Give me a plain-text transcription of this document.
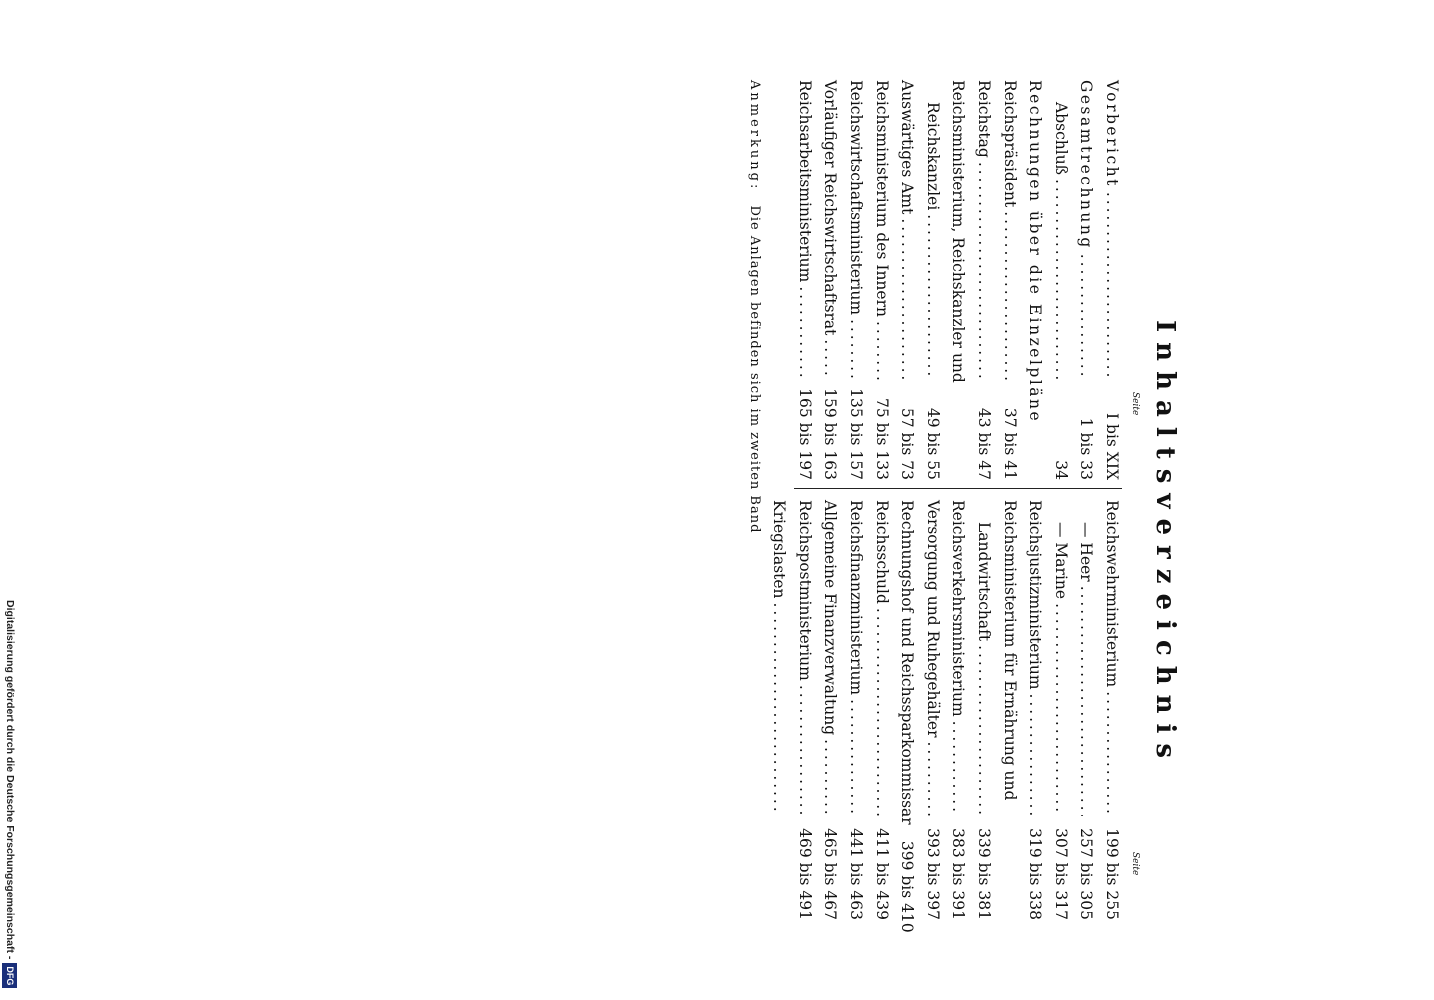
Inhaltsverzeichnis
Seite
Seite
Vorbericht
. . .
I bis XIX
Gesamtrechnung
. . .
1 bis 33
Abschluß
. . .
34
Rechnungen über die Einzelpläne
Reichspräsident
. . .
37 bis 41
Reichstag
. . .
43 bis 47
Reichsministerium, Reichskanzler und
Reichskanzlei
. . .
49 bis 55
Auswärtiges Amt
. . .
57 bis 73
Reichsministerium des Innern
. . .
75 bis 133
Reichswirtschaftsministerium
. . .
135 bis 157
Vorläufiger Reichswirtschaftsrat
. . .
159 bis 163
Reichsarbeitsministerium
. . .
165 bis 197
Reichswehrministerium
. . .
199 bis 255
— Heer
. . .
257 bis 305
— Marine
. . .
307 bis 317
Reichsjustizministerium
. . .
319 bis 338
Reichsministerium für Ernährung und
Landwirtschaft
. . .
339 bis 381
Reichsverkehrsministerium
. . .
383 bis 391
Versorgung und Ruhegehälter
. . .
393 bis 397
Rechnungshof und Reichssparkommissar
399 bis 410
Reichsschuld
. . .
411 bis 439
Reichsfinanzministerium
. . .
441 bis 463
Allgemeine Finanzverwaltung
. . .
465 bis 467
Reichspostministerium
. . .
469 bis 491
Kriegslasten
. . .
Anmerkung: Die Anlagen befinden sich im zweiten Band
Digitalisierung gefördert durch die Deutsche Forschungsgemeinschaft -
DFG
